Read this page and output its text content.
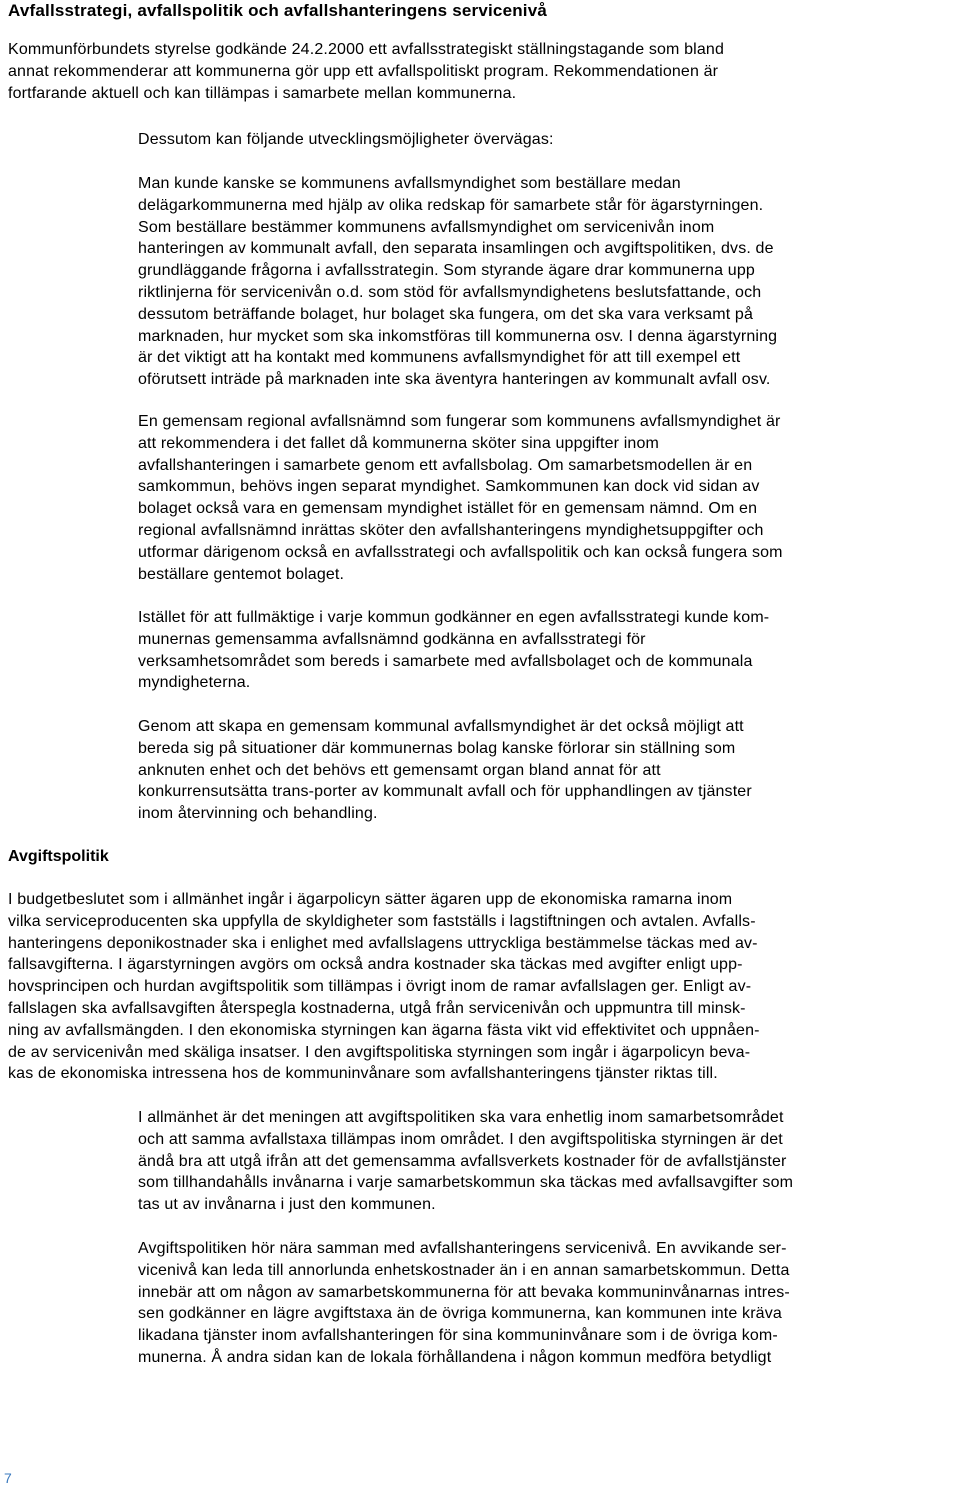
Avfallsstrategi, avfallspolitik och avfallshanteringens servicenivå
Kommunförbundets styrelse godkände 24.2.2000 ett avfallsstrategiskt ställningstagande som bland
annat rekommenderar att kommunerna gör upp ett avfallspolitiskt program. Rekommendationen är
fortfarande aktuell och kan tillämpas i samarbete mellan kommunerna.
Dessutom kan följande utvecklingsmöjligheter övervägas:
Man kunde kanske se kommunens avfallsmyndighet som beställare medan
delägarkommunerna med hjälp av olika redskap för samarbete står för ägarstyrningen.
Som beställare bestämmer kommunens avfallsmyndighet om servicenivån inom
hanteringen av kommunalt avfall, den separata insamlingen och avgiftspolitiken, dvs. de
grundläggande frågorna i avfallsstrategin. Som styrande ägare drar kommunerna upp
riktlinjerna för servicenivån o.d. som stöd för avfallsmyndighetens beslutsfattande, och
dessutom beträffande bolaget, hur bolaget ska fungera, om det ska vara verksamt på
marknaden, hur mycket som ska inkomstföras till kommunerna osv. I denna ägarstyrning
är det viktigt att ha kontakt med kommunens avfallsmyndighet för att till exempel ett
oförutsett inträde på marknaden inte ska äventyra hanteringen av kommunalt avfall osv.
En gemensam regional avfallsnämnd som fungerar som kommunens avfallsmyndighet är
att rekommendera i det fallet då kommunerna sköter sina uppgifter inom
avfallshanteringen i samarbete genom ett avfallsbolag. Om samarbetsmodellen är en
samkommun, behövs ingen separat myndighet. Samkommunen kan dock vid sidan av
bolaget också vara en gemensam myndighet istället för en gemensam nämnd. Om en
regional avfallsnämnd inrättas sköter den avfallshanteringens myndighetsuppgifter och
utformar därigenom också en avfallsstrategi och avfallspolitik och kan också fungera som
beställare gentemot bolaget.
Istället för att fullmäktige i varje kommun godkänner en egen avfallsstrategi kunde kom-
munernas gemensamma avfallsnämnd godkänna en avfallsstrategi för
verksamhetsområdet som bereds i samarbete med avfallsbolaget och de kommunala
myndigheterna.
Genom att skapa en gemensam kommunal avfallsmyndighet är det också möjligt att
bereda sig på situationer där kommunernas bolag kanske förlorar sin ställning som
anknuten enhet och det behövs ett gemensamt organ bland annat för att
konkurrensutsätta trans-porter av kommunalt avfall och för upphandlingen av tjänster
inom återvinning och behandling.
Avgiftspolitik
I budgetbeslutet som i allmänhet ingår i ägarpolicyn sätter ägaren upp de ekonomiska ramarna inom
vilka serviceproducenten ska uppfylla de skyldigheter som fastställs i lagstiftningen och avtalen. Avfalls-
hanteringens deponikostnader ska i enlighet med avfallslagens uttryckliga bestämmelse täckas med av-
fallsavgifterna. I ägarstyrningen avgörs om också andra kostnader ska täckas med avgifter enligt upp-
hovsprincipen och hurdan avgiftspolitik som tillämpas i övrigt inom de ramar avfallslagen ger. Enligt av-
fallslagen ska avfallsavgiften återspegla kostnaderna, utgå från servicenivån och uppmuntra till minsk-
ning av avfallsmängden. I den ekonomiska styrningen kan ägarna fästa vikt vid effektivitet och uppnåen-
de av servicenivån med skäliga insatser. I den avgiftspolitiska styrningen som ingår i ägarpolicyn beva-
kas de ekonomiska intressena hos de kommuninvånare som avfallshanteringens tjänster riktas till.
I allmänhet är det meningen att avgiftspolitiken ska vara enhetlig inom samarbetsområdet
och att samma avfallstaxa tillämpas inom området. I den avgiftspolitiska styrningen är det
ändå bra att utgå ifrån att det gemensamma avfallsverkets kostnader för de avfallstjänster
som tillhandahålls invånarna i varje samarbetskommun ska täckas med avfallsavgifter som
tas ut av invånarna i just den kommunen.
Avgiftspolitiken hör nära samman med avfallshanteringens servicenivå. En avvikande ser-
vicenivå kan leda till annorlunda enhetskostnader än i en annan samarbetskommun. Detta
innebär att om någon av samarbetskommunerna för att bevaka kommuninvånarnas intres-
sen godkänner en lägre avgiftstaxa än de övriga kommunerna, kan kommunen inte kräva
likadana tjänster inom avfallshanteringen för sina kommuninvånare som i de övriga kom-
munerna. Å andra sidan kan de lokala förhållandena i någon kommun medföra betydligt
7
